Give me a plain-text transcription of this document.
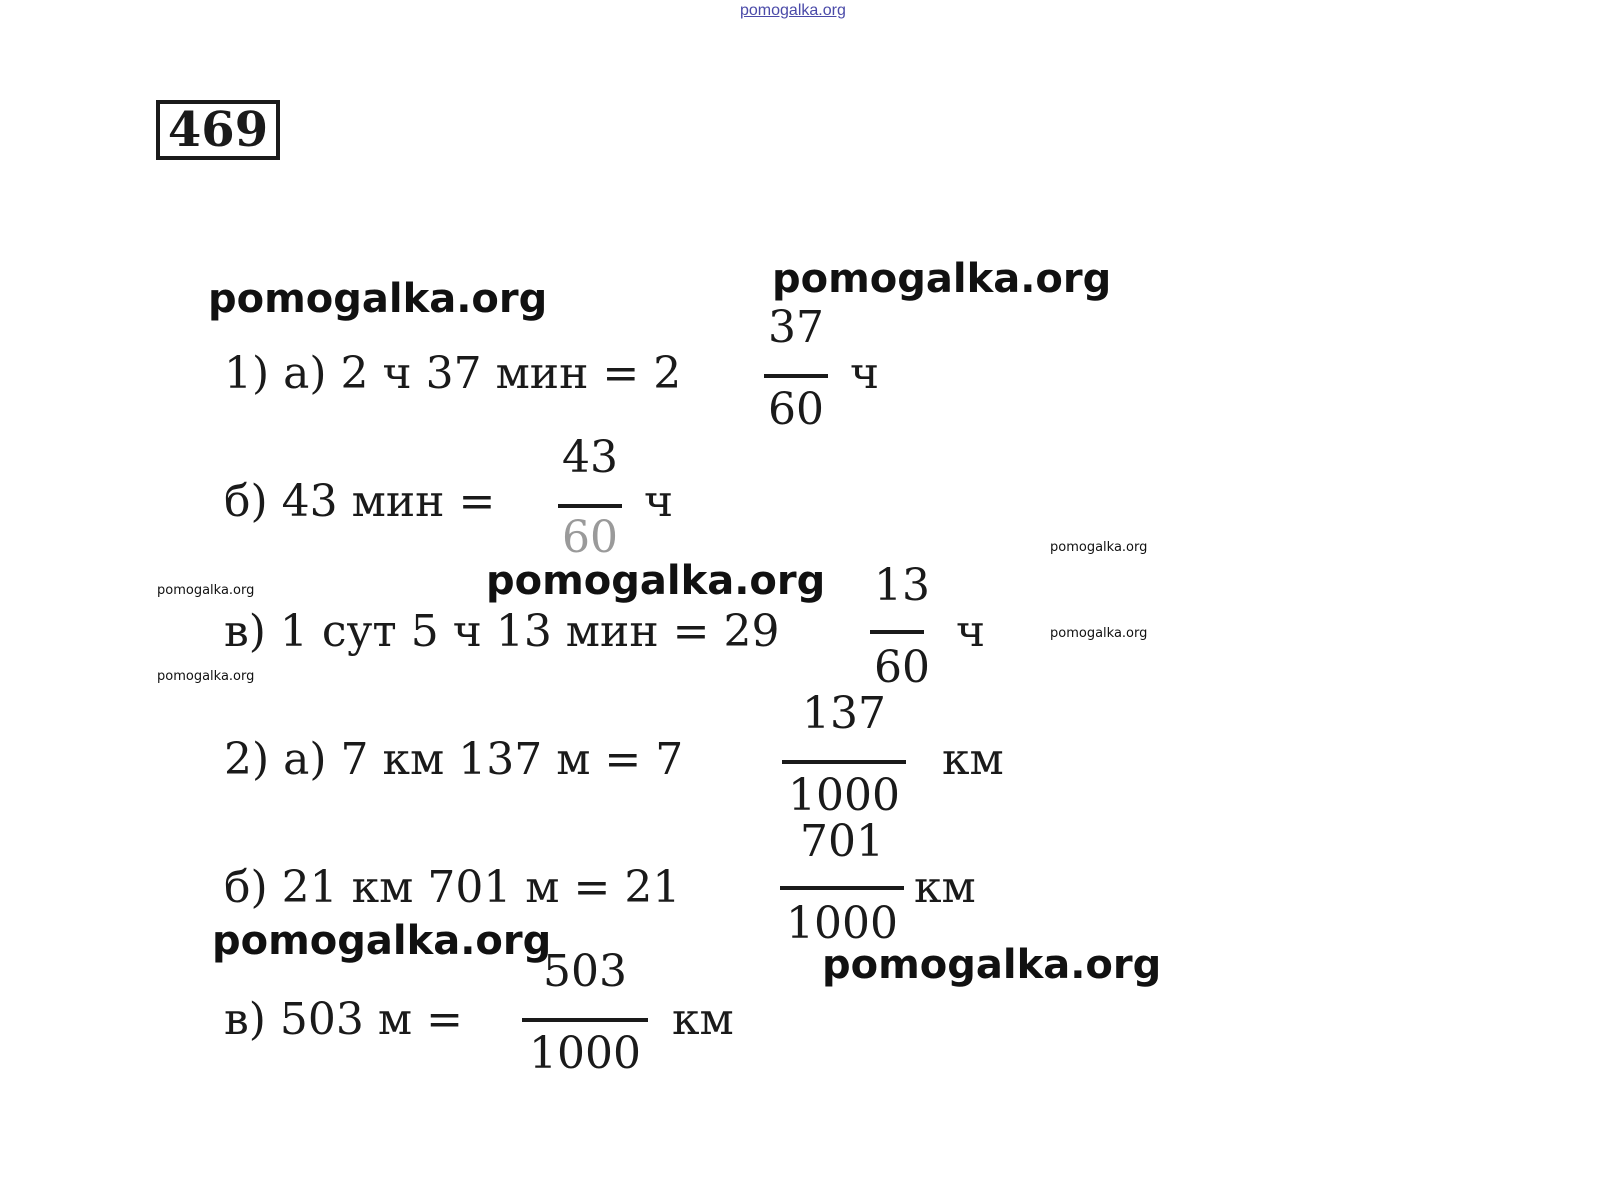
pomogalka.org
469
pomogalka.org	pomogalka.org
pomogalka.org
pomogalka.org
pomogalka.org
pomogalka.org
pomogalka.org
pomogalka.org
pomogalka.org
1) а) 2 ч 37 мин = 2
37
60
ч
б) 43 мин =
43
60
ч
в) 1 сут 5 ч 13 мин = 29
13
60
ч
2) а) 7 км 137 м = 7
137
1000
км
б) 21 км 701 м = 21
701
1000
км
в) 503 м =
503
1000
км
